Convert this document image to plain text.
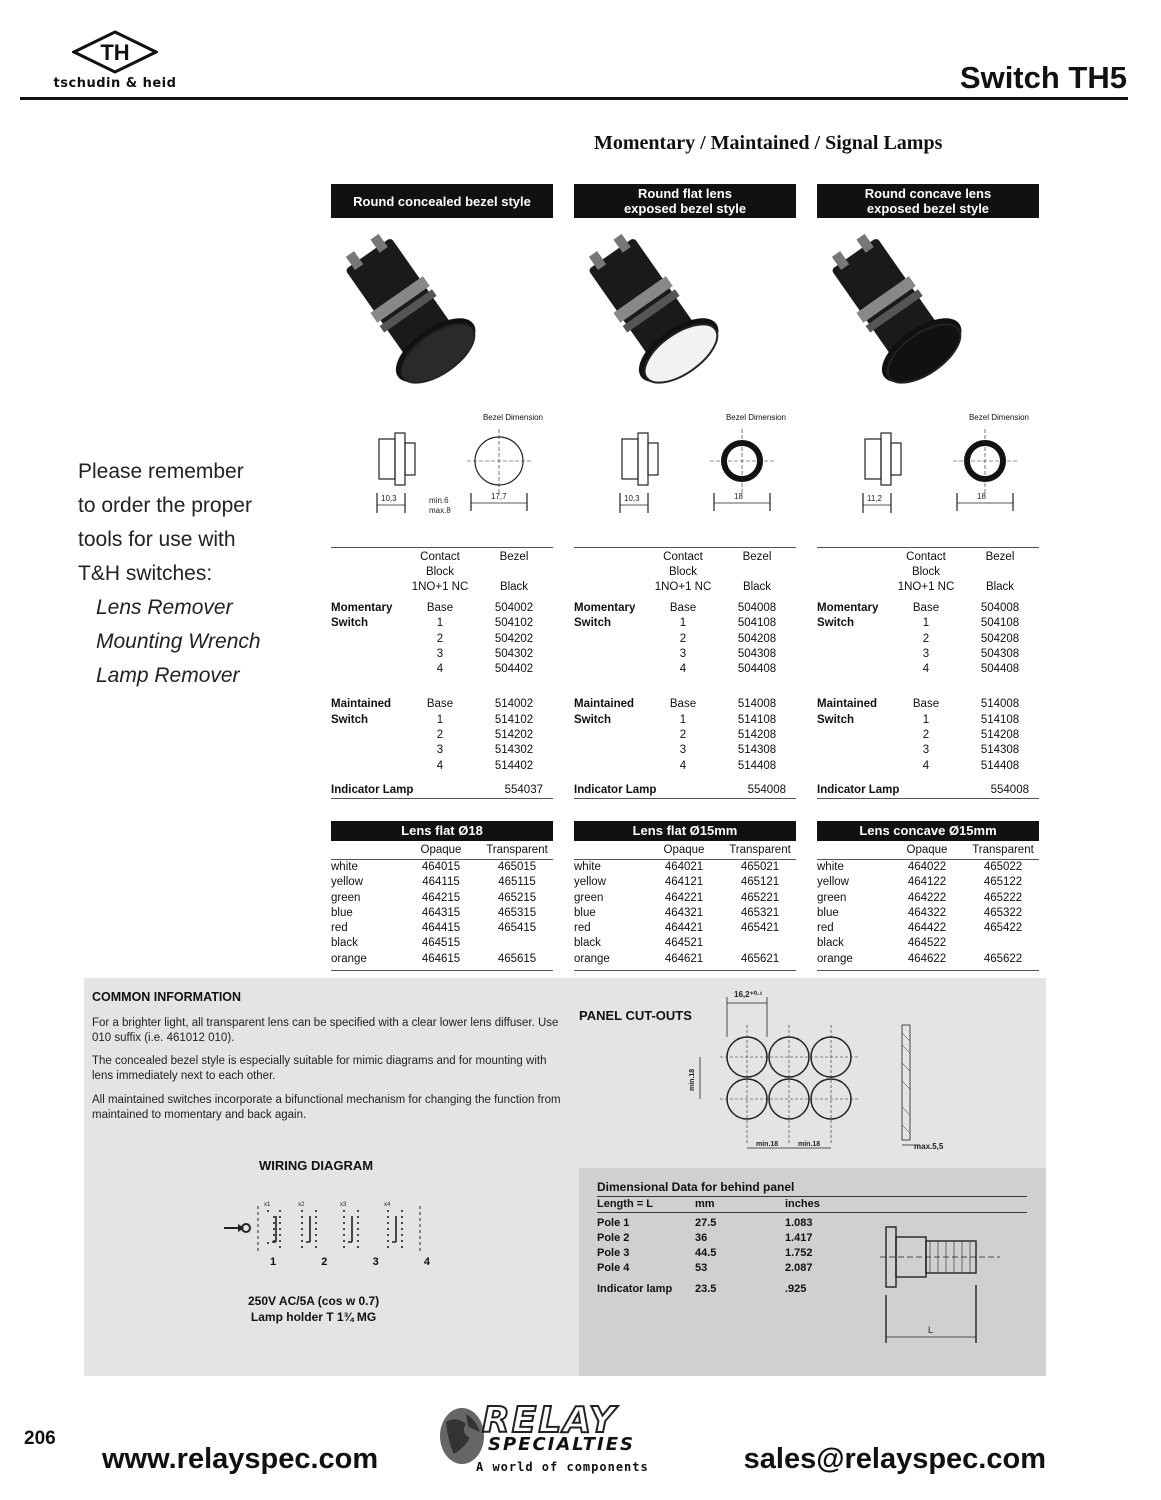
TH
tschudin & heid	Switch TH5
Momentary / Maintained / Signal Lamps
Please remember
to order the proper
tools for use with
T&H switches:
Lens Remover
Mounting Wrench
Lamp Remover
Round concealed bezel style
Bezel Dimension
10,3	17,7
min.6
max.8
Contact	Bezel
Block
1NO+1 NC	Black
Momentary	Base	504002
Switch	1	504102
2	504202
3	504302
4	504402
Maintained	Base	514002
Switch	1	514102
2	514202
3	514302
4	514402
Indicator Lamp	554037
Lens flat Ø18
Opaque	Transparent
white	464015	465015
yellow	464115	465115
green	464215	465215
blue	464315	465315
red	464415	465415
black	464515
orange	464615	465615
Round flat lens
exposed bezel style
Bezel Dimension
10,3	18
Contact	Bezel
Block
1NO+1 NC	Black
Momentary	Base	504008
Switch	1	504108
2	504208
3	504308
4	504408
Maintained	Base	514008
Switch	1	514108
2	514208
3	514308
4	514408
Indicator Lamp	554008
Lens flat Ø15mm
Opaque	Transparent
white	464021	465021
yellow	464121	465121
green	464221	465221
blue	464321	465321
red	464421	465421
black	464521
orange	464621	465621
Round concave lens
exposed bezel style
Bezel Dimension
11,2	18
Contact	Bezel
Block
1NO+1 NC	Black
Momentary	Base	504008
Switch	1	504108
2	504208
3	504308
4	504408
Maintained	Base	514008
Switch	1	514108
2	514208
3	514308
4	514408
Indicator Lamp	554008
Lens concave Ø15mm
Opaque	Transparent
white	464022	465022
yellow	464122	465122
green	464222	465222
blue	464322	465322
red	464422	465422
black	464522
orange	464622	465622
COMMON INFORMATION
For a brighter light, all transparent lens can be specified with a clear lower lens diffuser. Use 010 suffix (i.e. 461012 010).
The concealed bezel style is especially suitable for mimic diagrams and for mounting with lens immediately next to each other.
All maintained switches incorporate a bifunctional mechanism for changing the function from maintained to momentary and back again.
WIRING DIAGRAM
x1	x2	x3	x4
1	2	3	4
250V AC/5A (cos w 0.7)
Lamp holder T 1¾ MG
PANEL CUT-OUTS
16,2⁺⁰·¹
min.18
min.18	min.18	max.5,5
Dimensional Data for behind panel
Length = L	mm	inches
Pole 1	27.5	1.083
Pole 2	36	1.417
Pole 3	44.5	1.752
Pole 4	53	2.087
Indicator lamp	23.5	.925
L
206
www.relayspec.com
RELAY
SPECIALTIES
A world of components	sales@relayspec.com
